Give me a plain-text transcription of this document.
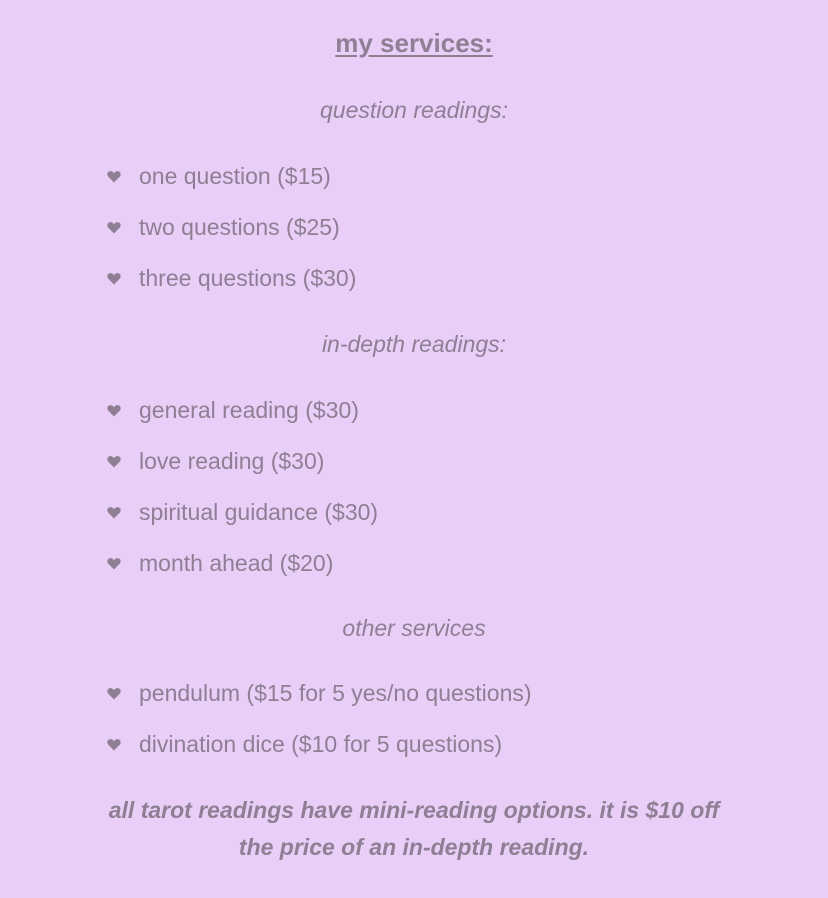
my services:
question readings:
one question ($15)
two questions ($25)
three questions ($30)
in-depth readings:
general reading ($30)
love reading ($30)
spiritual guidance ($30)
month ahead ($20)
other services
pendulum ($15 for 5 yes/no questions)
divination dice ($10 for 5 questions)
all tarot readings have mini-reading options. it is $10 off the price of an in-depth reading.
